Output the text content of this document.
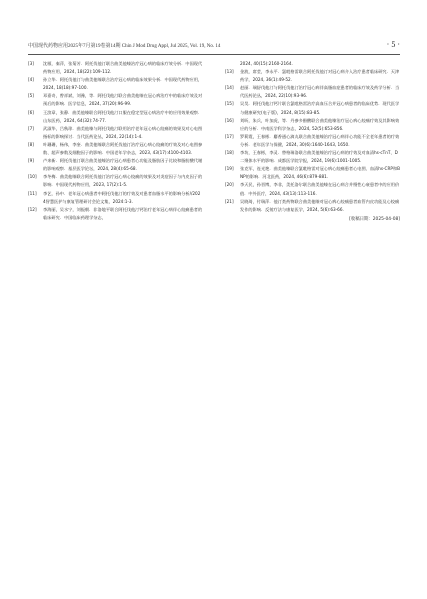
中国现代药物应用2025年7月第19卷第14期 Chin J Mod Drug Appl, Jul 2025, Vol. 19, No. 14	· 5 ·
[3]	沈雁，秦萍，张菊芳．阿托伐他汀联合曲美他嗪治疗冠心病的临床疗效分析．中国现代药物应用，2024, 18(22):109-112.
[4]	孙立华．阿托伐他汀与曲美他嗪联合治疗冠心病的临床效果分析．中国现代药物应用，2024, 18(18):97-100.
[5]	邓嘉奇，曾祥斌，刘豫，等．阿托伐他汀联合曲美他嗪在冠心病治疗中的临床疗效及对预后的影响．医学信息，2024, 37(20):96-99.
[6]	王滨章，张静．曲美他嗪联合阿托伐他汀口服在稳定型冠心病治疗中的应用效果观察．山东医药，2024, 64(32):74-77.
[7]	武淑华，吕秋琼．曲美他嗪与阿托伐他汀联用治疗老年冠心病心绞痛的效果及对心电图指标的影响探讨．当代医药论丛，2024, 22(14):1-4.
[8]	叶珊珊，杨伟，李奎．曲美他嗪联合阿托伐他汀治疗冠心病心绞痛的疗效及对心电图参数、超声参数及细胞因子的影响．中国老年学杂志，2023, 43(17):4100-4103.
[9]	卢来新．阿托伐他汀联合曲美他嗪治疗冠心病患者心功能及脂肪因子比较和脂肪酸代谢的影响观察．基层医学论坛，2024, 28(4):65-68.
[10]	李冬梅．曲美他嗪联合阿托伐他汀治疗冠心病心绞痛的效果及对炎症因子与内皮因子的影响．中国现代药物应用，2023, 17(2):1-5.
[11]	李艺，孙中．老年冠心病患者中阿托伐他汀的疗效及对患者血脂水平的影响分析//2024智慧医护与康复管理研讨会论文集，2024:1-3.
[12]	李海丽，吴水宁，刘振朝．非洛地平联合阿托伐他汀钙治疗老年冠心病伴心绞痛患者的临床研究．中国临床药理学杂志，
2024, 40(15):2160-2164.
[13]	金波，席莹，李永平．氯吡格雷联合阿托伐他汀对冠心病介入治疗患者临床研究．天津药学，2024, 36(1):49-52.
[14]	赵丽．瑞舒伐他汀与阿托伐他汀治疗冠心病伴高脂血症患者的临床疗效及药学分析．当代医药论丛，2024, 22(10):93-96.
[15]	吴昊．阿托伐他汀钙片联合氯吡格雷治疗高血压合并冠心病患者的临床优势．现代医学与健康研究(电子版)，2024, 8(15):83-85.
[16]	刘昕，朱兵，叶加虎，等．丹参多酚酸联合曲美他嗪治疗冠心病心绞痛疗效及其影响效应的分析．中南医学科学杂志，2024, 52(5):653-856.
[17]	罗莉霞，王春彬．麝香通心滴丸联合曲美他嗪治疗冠心病伴心功能不全老年患者的疗效分析．老年医学与保健，2024, 30(6):1640-1643, 1650.
[18]	李坊，王春彬，李灵．替格瑞洛联合曲美他嗪治疗冠心病的疗效及对血清hs-cTnT、D二聚体水平的影响．成都医学院学报，2024, 19(6):1001-1005.
[19]	张克军，连光艳．曲美他嗪联合氯吡格雷对冠心病心绞痛患者心电图、血清hs-CRP和BNP的影响．河北医药，2024, 46(6):879-881.
[20]	李天民，孙晋博，李非，美托洛尔联合曲美他嗪在冠心病合并慢性心衰患者中的应用价值．中外医疗，2024, 43(13):113-116.
[21]	吴晓琦，付瑞萍．他汀类药物联合曲美他嗪对冠心病心绞痛患者血管内皮功能及心绞痛发作的影响．反射疗法与康复医学，2024, 5(6):63-66.
[收稿日期：2025-04-08]
